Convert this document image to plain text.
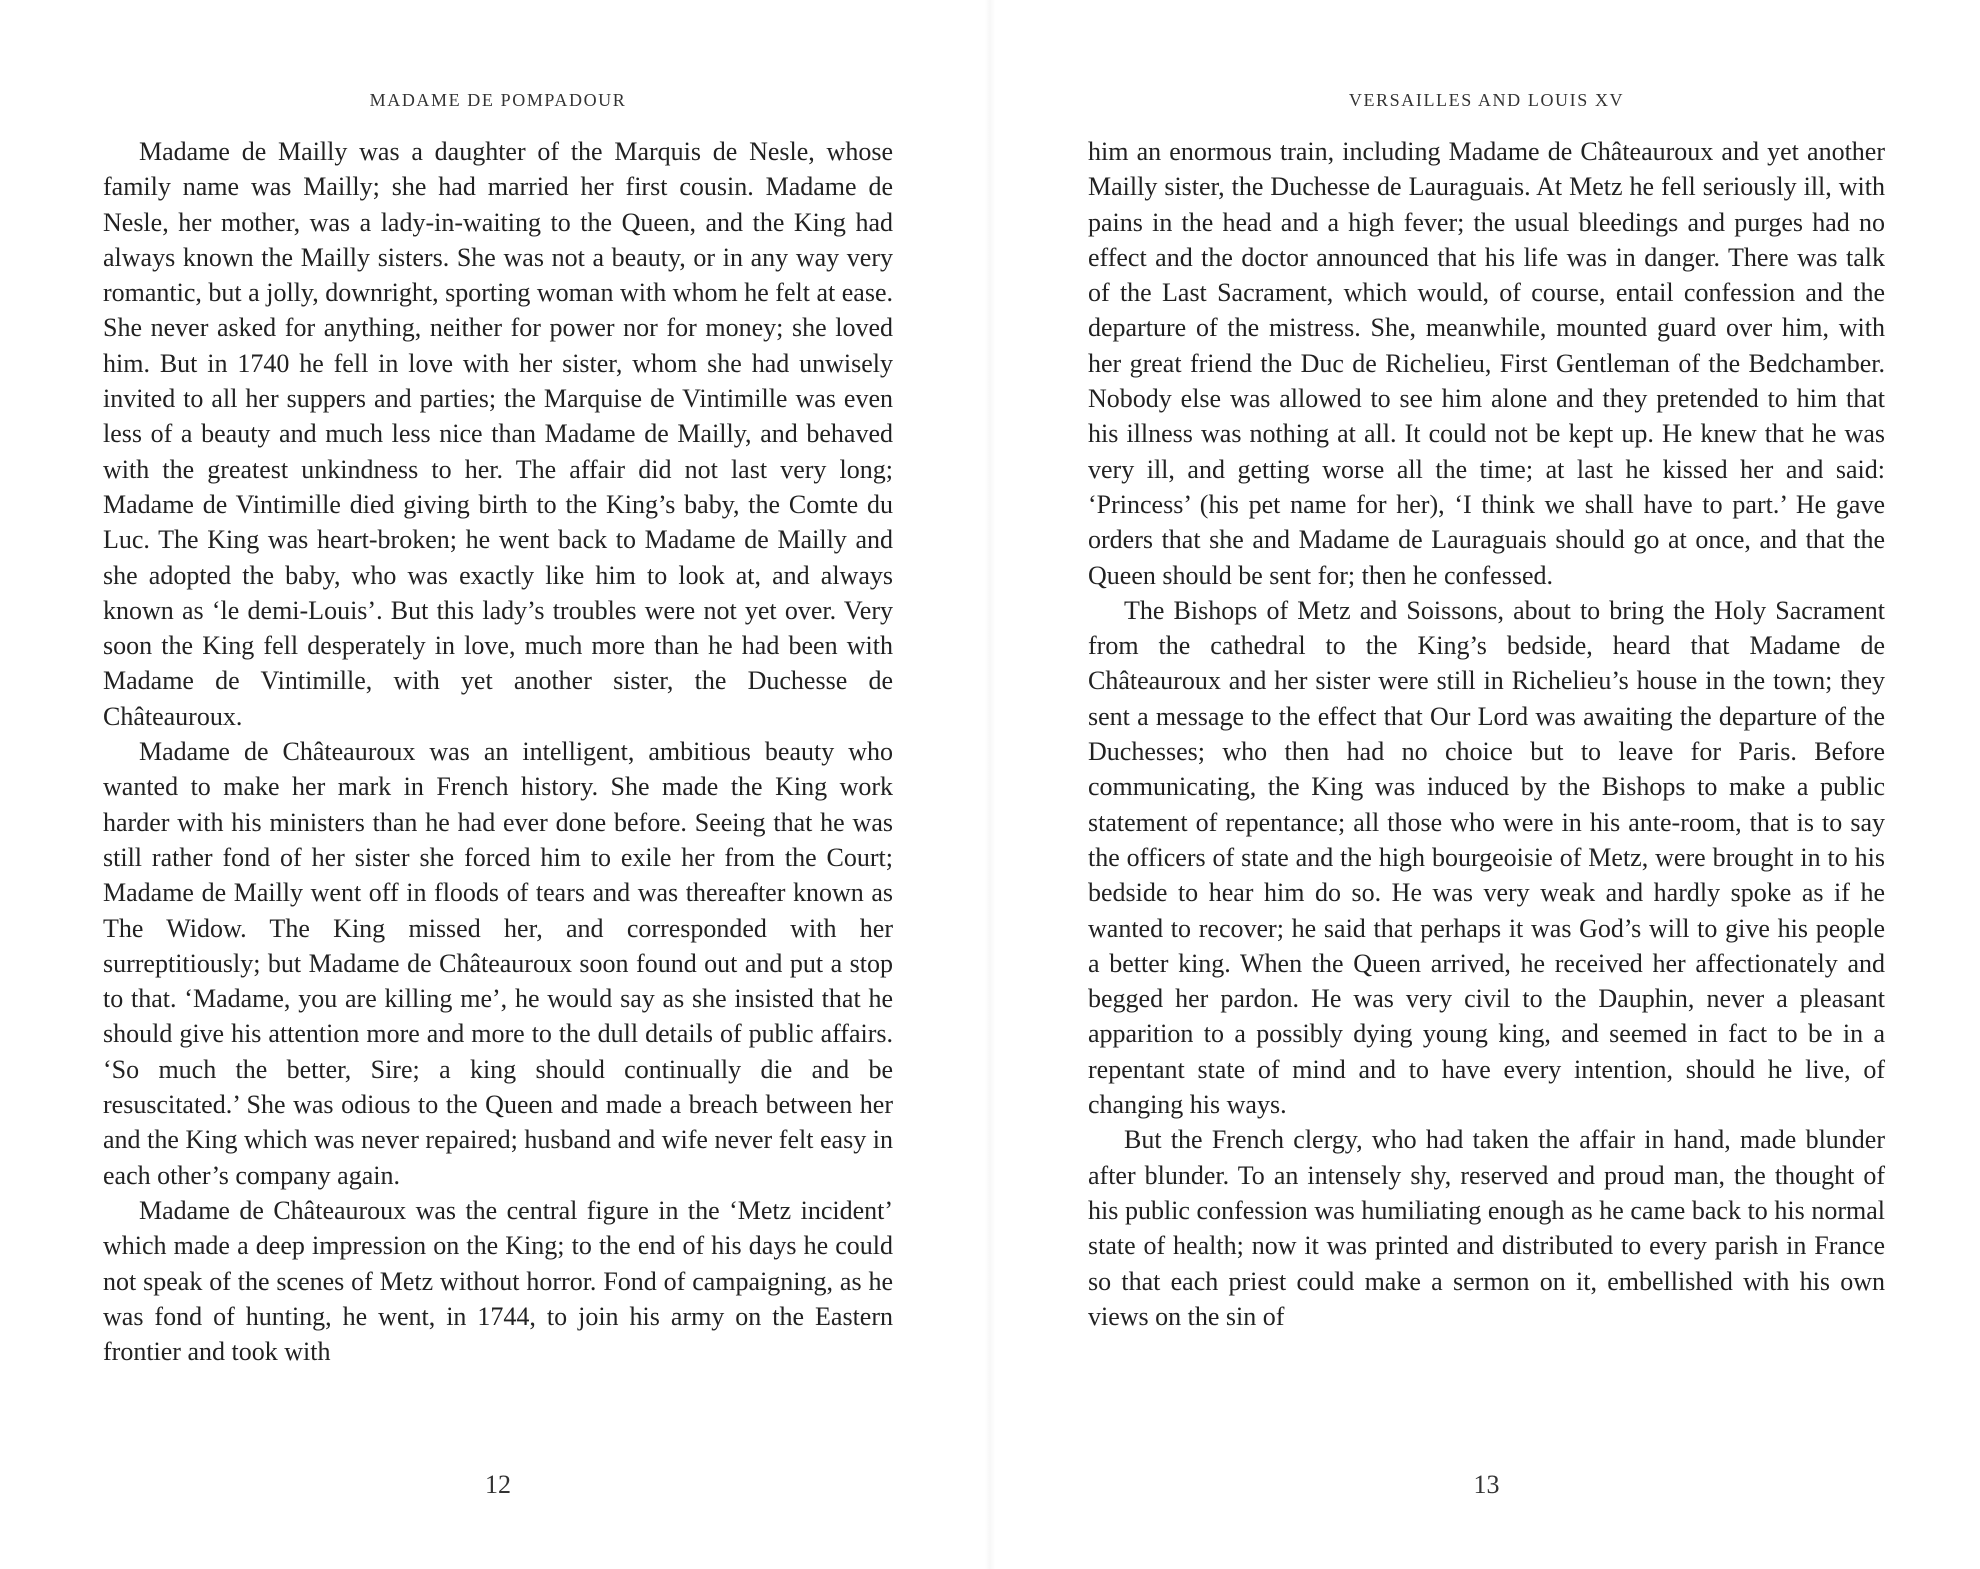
MADAME DE POMPADOUR

Madame de Mailly was a daughter of the Marquis de Nesle, whose family name was Mailly; she had married her first cousin. Madame de Nesle, her mother, was a lady-in-waiting to the Queen, and the King had always known the Mailly sisters. She was not a beauty, or in any way very romantic, but a jolly, downright, sporting woman with whom he felt at ease. She never asked for anything, neither for power nor for money; she loved him. But in 1740 he fell in love with her sister, whom she had unwisely invited to all her suppers and parties; the Marquise de Vintimille was even less of a beauty and much less nice than Madame de Mailly, and behaved with the greatest unkindness to her. The affair did not last very long; Madame de Vintimille died giving birth to the King’s baby, the Comte du Luc. The King was heart-broken; he went back to Madame de Mailly and she adopted the baby, who was exactly like him to look at, and always known as ‘le demi-Louis’. But this lady’s troubles were not yet over. Very soon the King fell desperately in love, much more than he had been with Madame de Vintimille, with yet another sister, the Duchesse de Châteauroux.

Madame de Châteauroux was an intelligent, ambitious beauty who wanted to make her mark in French history. She made the King work harder with his ministers than he had ever done before. Seeing that he was still rather fond of her sister she forced him to exile her from the Court; Madame de Mailly went off in floods of tears and was thereafter known as The Widow. The King missed her, and corresponded with her surreptitiously; but Madame de Châteauroux soon found out and put a stop to that. ‘Madame, you are killing me’, he would say as she insisted that he should give his attention more and more to the dull details of public affairs. ‘So much the better, Sire; a king should continually die and be resuscitated.’ She was odious to the Queen and made a breach between her and the King which was never repaired; husband and wife never felt easy in each other’s company again.

Madame de Châteauroux was the central figure in the ‘Metz incident’ which made a deep impression on the King; to the end of his days he could not speak of the scenes of Metz without horror. Fond of campaigning, as he was fond of hunting, he went, in 1744, to join his army on the Eastern frontier and took with

12
VERSAILLES AND LOUIS XV

him an enormous train, including Madame de Châteauroux and yet another Mailly sister, the Duchesse de Lauraguais. At Metz he fell seriously ill, with pains in the head and a high fever; the usual bleedings and purges had no effect and the doctor announced that his life was in danger. There was talk of the Last Sacrament, which would, of course, entail confession and the departure of the mistress. She, meanwhile, mounted guard over him, with her great friend the Duc de Richelieu, First Gentleman of the Bedchamber. Nobody else was allowed to see him alone and they pretended to him that his illness was nothing at all. It could not be kept up. He knew that he was very ill, and getting worse all the time; at last he kissed her and said: ‘Princess’ (his pet name for her), ‘I think we shall have to part.’ He gave orders that she and Madame de Lauraguais should go at once, and that the Queen should be sent for; then he confessed.

The Bishops of Metz and Soissons, about to bring the Holy Sacrament from the cathedral to the King’s bedside, heard that Madame de Châteauroux and her sister were still in Richelieu’s house in the town; they sent a message to the effect that Our Lord was awaiting the departure of the Duchesses; who then had no choice but to leave for Paris. Before communicating, the King was induced by the Bishops to make a public statement of repentance; all those who were in his ante-room, that is to say the officers of state and the high bourgeoisie of Metz, were brought in to his bedside to hear him do so. He was very weak and hardly spoke as if he wanted to recover; he said that perhaps it was God’s will to give his people a better king. When the Queen arrived, he received her affectionately and begged her pardon. He was very civil to the Dauphin, never a pleasant apparition to a possibly dying young king, and seemed in fact to be in a repentant state of mind and to have every intention, should he live, of changing his ways.

But the French clergy, who had taken the affair in hand, made blunder after blunder. To an intensely shy, reserved and proud man, the thought of his public confession was humiliating enough as he came back to his normal state of health; now it was printed and distributed to every parish in France so that each priest could make a sermon on it, embellished with his own views on the sin of

13
